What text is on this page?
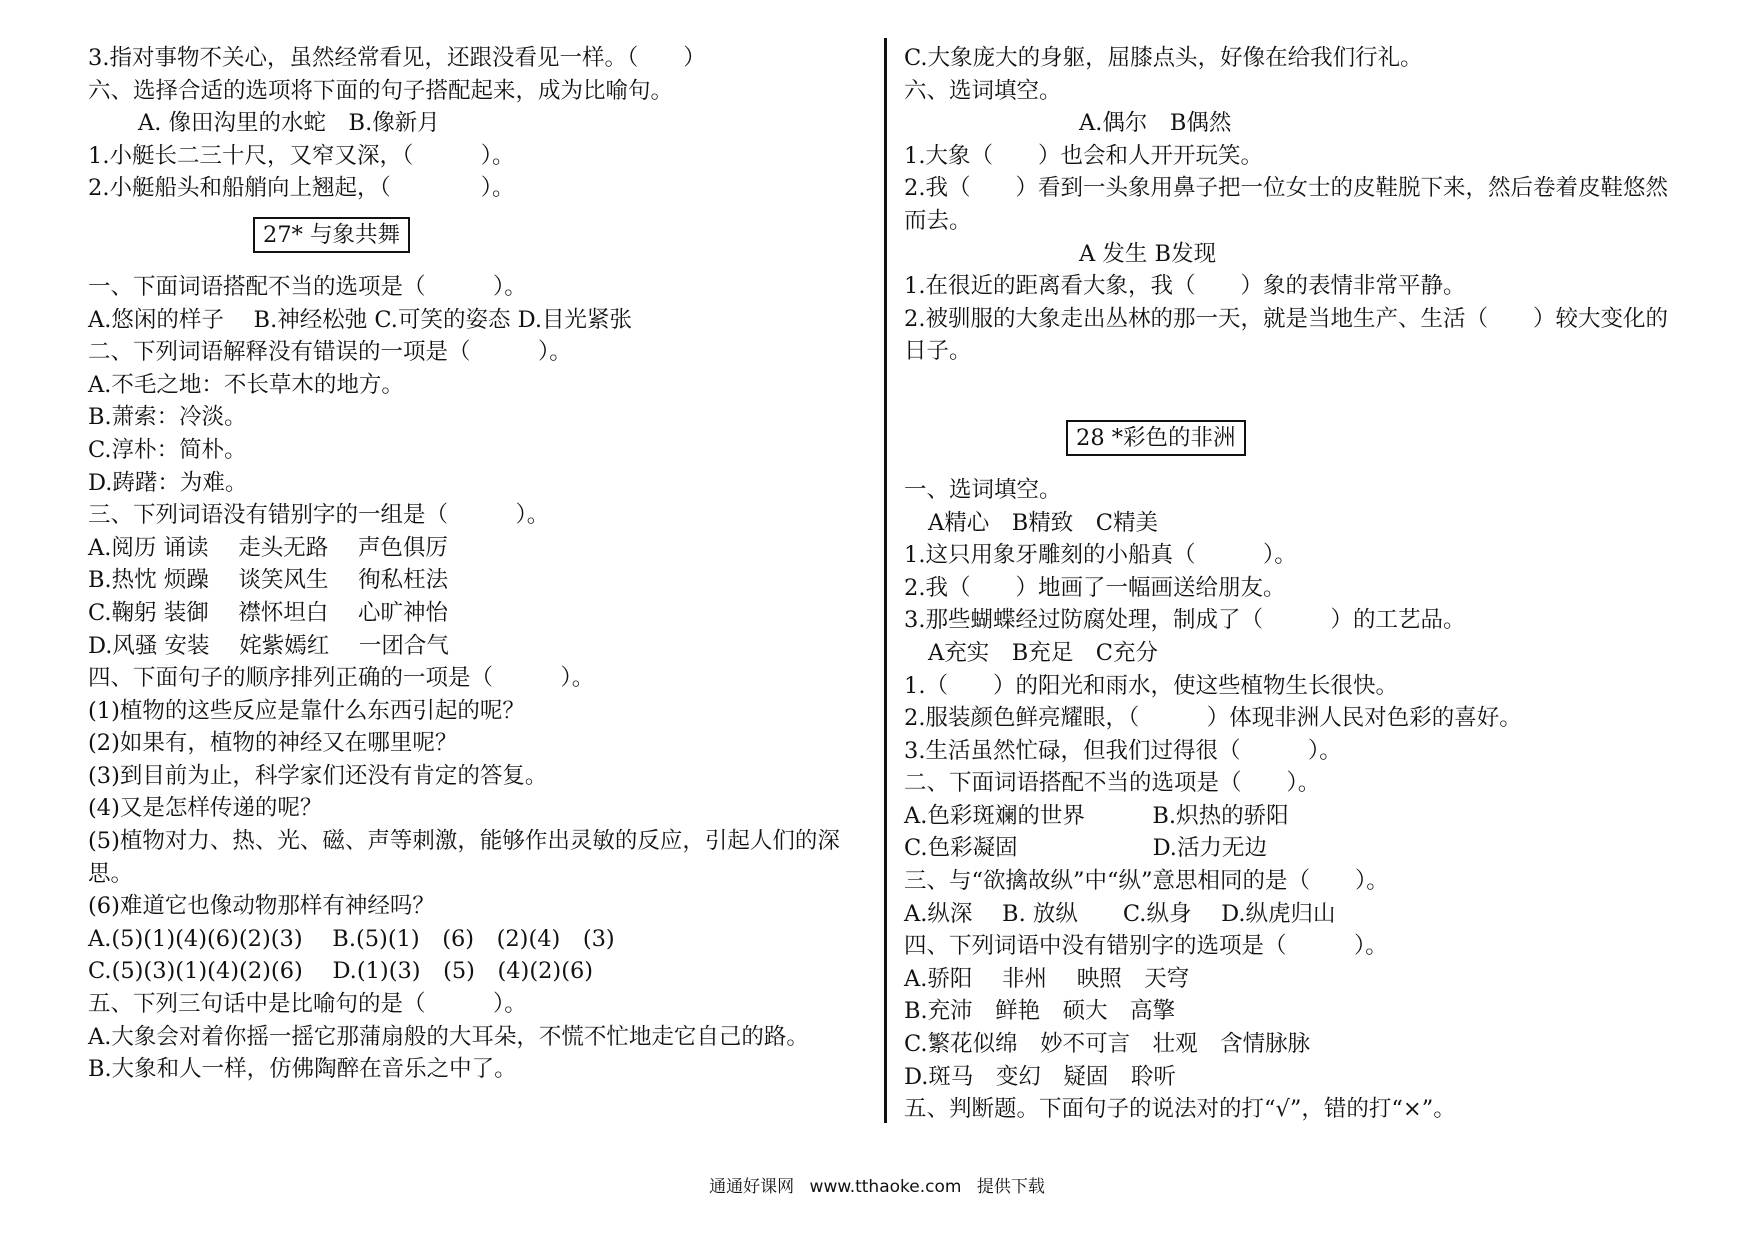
3.指对事物不关心，虽然经常看见，还跟没看见一样。（　　）
六、选择合适的选项将下面的句子搭配起来，成为比喻句。
A. 像田沟里的水蛇　B.像新月
1.小艇长二三十尺，又窄又深，（　　　）。
2.小艇船头和船艄向上翘起，（　　　　）。
27* 与象共舞
一、下面词语搭配不当的选项是（　　　）。
A.悠闲的样子　 B.神经松弛 C.可笑的姿态 D.目光紧张
二、下列词语解释没有错误的一项是（　　　）。
A.不毛之地：不长草木的地方。
B.萧索：冷淡。
C.淳朴：简朴。
D.踌躇：为难。
三、下列词语没有错别字的一组是（　　　）。
A.阅历 诵读　 走头无路　 声色俱厉
B.热忱 烦躁　 谈笑风生　 徇私枉法
C.鞠躬 装御　 襟怀坦白　 心旷神怡
D.风骚 安装　 姹紫嫣红　 一团合气
四、下面句子的顺序排列正确的一项是（　　　）。
(1)植物的这些反应是靠什么东西引起的呢？
(2)如果有，植物的神经又在哪里呢？
(3)到目前为止，科学家们还没有肯定的答复。
(4)又是怎样传递的呢？
(5)植物对力、热、光、磁、声等刺激，能够作出灵敏的反应，引起人们的深思。
(6)难道它也像动物那样有神经吗？
A.(5)(1)(4)(6)(2)(3)　 B.(5)(1)　(6)　(2)(4)　(3)
C.(5)(3)(1)(4)(2)(6)　 D.(1)(3)　(5)　(4)(2)(6)
五、下列三句话中是比喻句的是（　　　）。
A.大象会对着你摇一摇它那蒲扇般的大耳朵，不慌不忙地走它自己的路。
B.大象和人一样，仿佛陶醉在音乐之中了。
C.大象庞大的身躯，屈膝点头，好像在给我们行礼。
六、选词填空。
A.偶尔　B偶然
1.大象（　　）也会和人开开玩笑。
2.我（　　）看到一头象用鼻子把一位女士的皮鞋脱下来，然后卷着皮鞋悠然而去。
A 发生 B发现
1.在很近的距离看大象，我（　　）象的表情非常平静。
2.被驯服的大象走出丛林的那一天，就是当地生产、生活（　　）较大变化的日子。
28 *彩色的非洲
一、选词填空。
A精心　B精致　C精美
1.这只用象牙雕刻的小船真（　　　）。
2.我（　　）地画了一幅画送给朋友。
3.那些蝴蝶经过防腐处理，制成了（　　　）的工艺品。
A充实　B充足　C充分
1.（　　）的阳光和雨水，使这些植物生长很快。
2.服装颜色鲜亮耀眼，（　　　）体现非洲人民对色彩的喜好。
3.生活虽然忙碌，但我们过得很（　　　）。
二、下面词语搭配不当的选项是（　　）。
A.色彩斑斓的世界　　　B.炽热的骄阳
C.色彩凝固　　　　　　D.活力无边
三、与“欲擒故纵”中“纵”意思相同的是（　　）。
A.纵深　 B. 放纵　　C.纵身　 D.纵虎归山
四、下列词语中没有错别字的选项是（　　　）。
A.骄阳　 非州　 映照　天穹
B.充沛　鲜艳　硕大　高擎
C.繁花似绵　妙不可言　壮观　含情脉脉
D.斑马　变幻　疑固　聆听
五、判断题。下面句子的说法对的打“√”，错的打“×”。
通通好课网 www.tthaoke.com 提供下载
